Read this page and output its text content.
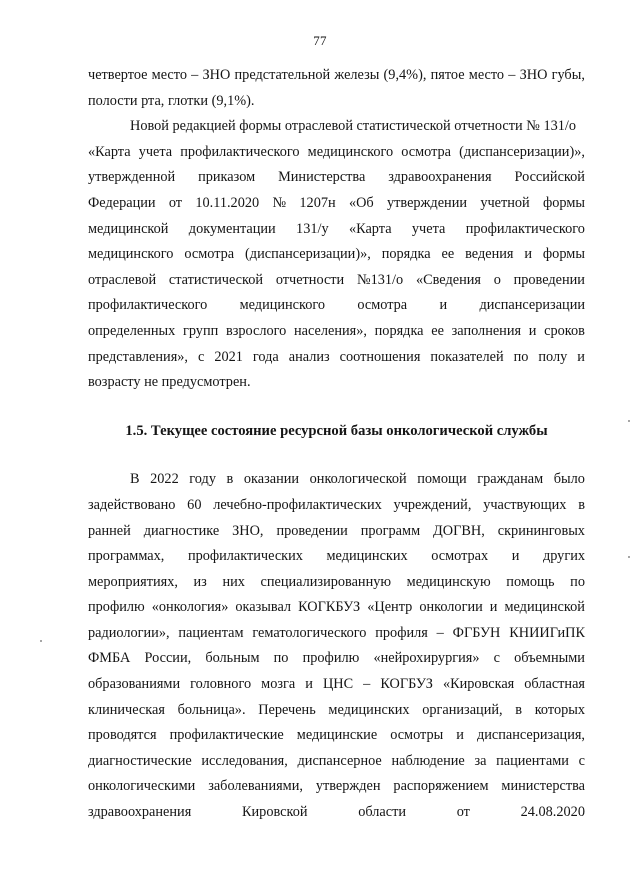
77
четвертое место – ЗНО предстательной железы (9,4%), пятое место – ЗНО губы,
полости рта, глотки (9,1%).
Новой редакцией формы отраслевой статистической отчетности № 131/о
«Карта учета профилактического медицинского осмотра (диспансеризации)»,
утвержденной приказом Министерства здравоохранения Российской
Федерации от 10.11.2020 № 1207н «Об утверждении учетной формы
медицинской документации 131/у «Карта учета профилактического
медицинского осмотра (диспансеризации)», порядка ее ведения и формы
отраслевой статистической отчетности №131/о «Сведения о проведении
профилактического медицинского осмотра и диспансеризации
определенных групп взрослого населения», порядка ее заполнения и сроков
представления», с 2021 года анализ соотношения показателей по полу и
возрасту не предусмотрен.
1.5. Текущее состояние ресурсной базы онкологической службы
В 2022 году в оказании онкологической помощи гражданам было
задействовано 60 лечебно-профилактических учреждений, участвующих в
ранней диагностике ЗНО, проведении программ ДОГВН, скрининговых
программах, профилактических медицинских осмотрах и других
мероприятиях, из них специализированную медицинскую помощь по
профилю «онкология» оказывал КОГКБУЗ «Центр онкологии и медицинской
радиологии», пациентам гематологического профиля – ФГБУН КНИИГиПК
ФМБА России, больным по профилю «нейрохирургия» с объемными
образованиями головного мозга и ЦНС – КОГБУЗ «Кировская областная
клиническая больница». Перечень медицинских организаций, в которых
проводятся профилактические медицинские осмотры и диспансеризация,
диагностические исследования, диспансерное наблюдение за пациентами с
онкологическими заболеваниями, утвержден распоряжением министерства
здравоохранения	Кировской	области	от	24.08.2020
